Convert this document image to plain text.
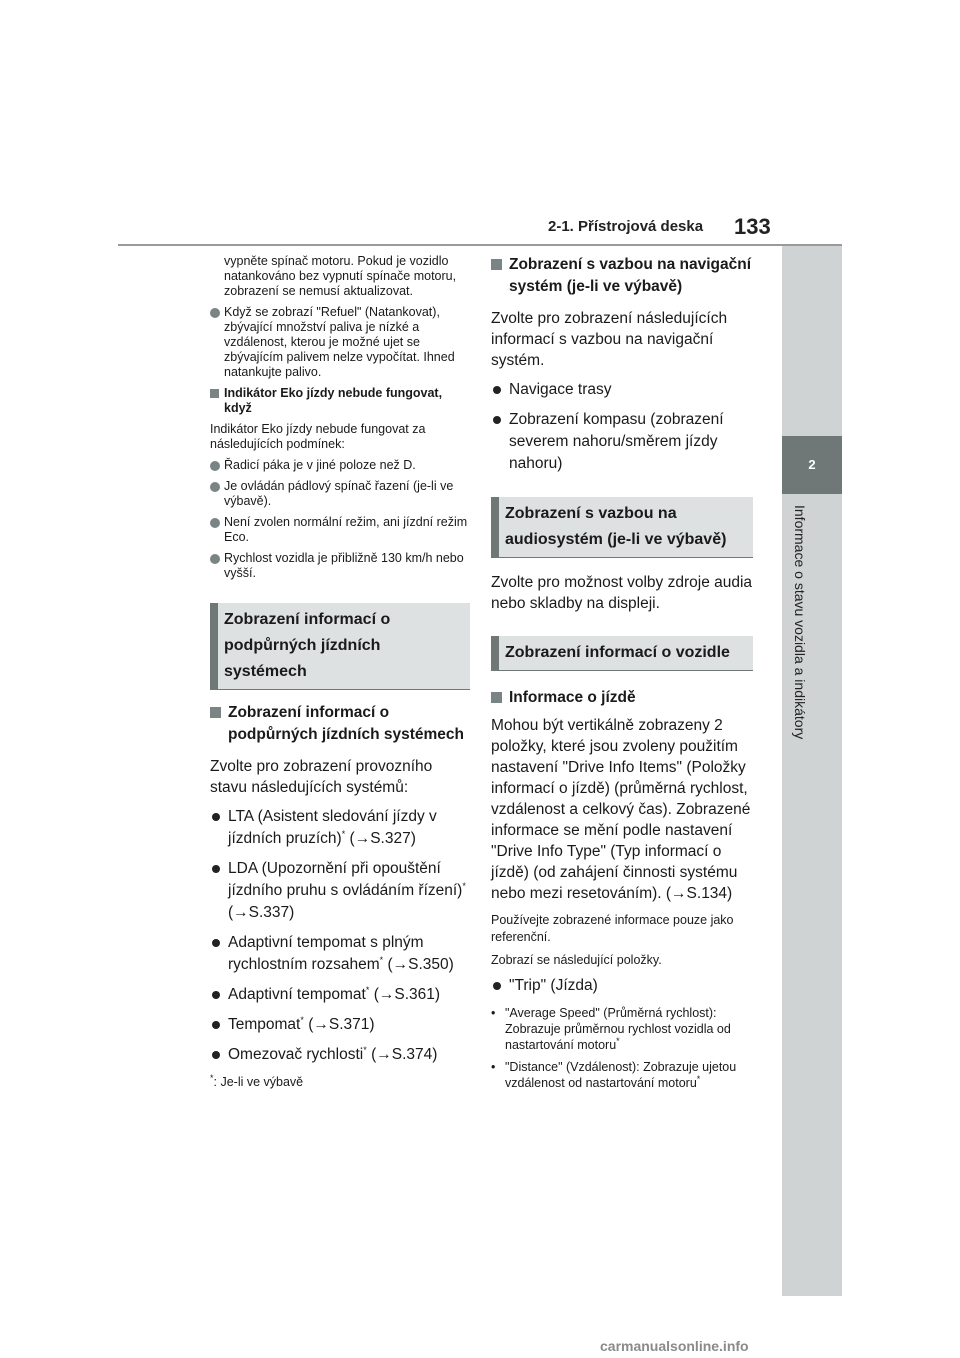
2-1. Přístrojová deska 133
2
Informace o stavu vozidla a indikátory

vypněte spínač motoru. Pokud je vozidlo natankováno bez vypnutí spínače motoru, zobrazení se nemusí aktualizovat.

Když se zobrazí "Refuel" (Natankovat), zbývající množství paliva je nízké a vzdálenost, kterou je možné ujet se zbývajícím palivem nelze vypočítat. Ihned natankujte palivo.
Indikátor Eko jízdy nebude fungovat, když

Indikátor Eko jízdy nebude fungovat za následujících podmínek:

Řadicí páka je v jiné poloze než D.
Je ovládán pádlový spínač řazení (je-li ve výbavě).
Není zvolen normální režim, ani jízdní režim Eco.
Rychlost vozidla je přibližně 130 km/h nebo vyšší.
Zobrazení informací o podpůrných jízdních systémech
Zobrazení informací o podpůrných jízdních systémech

Zvolte pro zobrazení provozního stavu následujících systémů:

LTA (Asistent sledování jízdy v jízdních pruzích)* (→S.327)
LDA (Upozornění při opouštění jízdního pruhu s ovládáním řízení)* (→S.337)
Adaptivní tempomat s plným rychlostním rozsahem* (→S.350)
Adaptivní tempomat* (→S.361)
Tempomat* (→S.371)
Omezovač rychlosti* (→S.374)

*: Je-li ve výbavě

Zobrazení s vazbou na navigační systém (je-li ve výbavě)

Zvolte pro zobrazení následujících informací s vazbou na navigační systém.

Navigace trasy
Zobrazení kompasu (zobrazení severem nahoru/směrem jízdy nahoru)
Zobrazení s vazbou na audiosystém (je-li ve výbavě)

Zvolte pro možnost volby zdroje audia nebo skladby na displeji.

Zobrazení informací o vozidle
Informace o jízdě

Mohou být vertikálně zobrazeny 2 položky, které jsou zvoleny použitím nastavení "Drive Info Items" (Položky informací o jízdě) (průměrná rychlost, vzdálenost a celkový čas). Zobrazené informace se mění podle nastavení "Drive Info Type" (Typ informací o jízdě) (od zahájení činnosti systému nebo mezi resetováním). (→S.134)

Používejte zobrazené informace pouze jako referenční.

Zobrazí se následující položky.

"Trip" (Jízda)
• "Average Speed" (Průměrná rychlost): Zobrazuje průměrnou rychlost vozidla od nastartování motoru*
• "Distance" (Vzdálenost): Zobrazuje ujetou vzdálenost od nastartování motoru*
carmanualsonline.info
